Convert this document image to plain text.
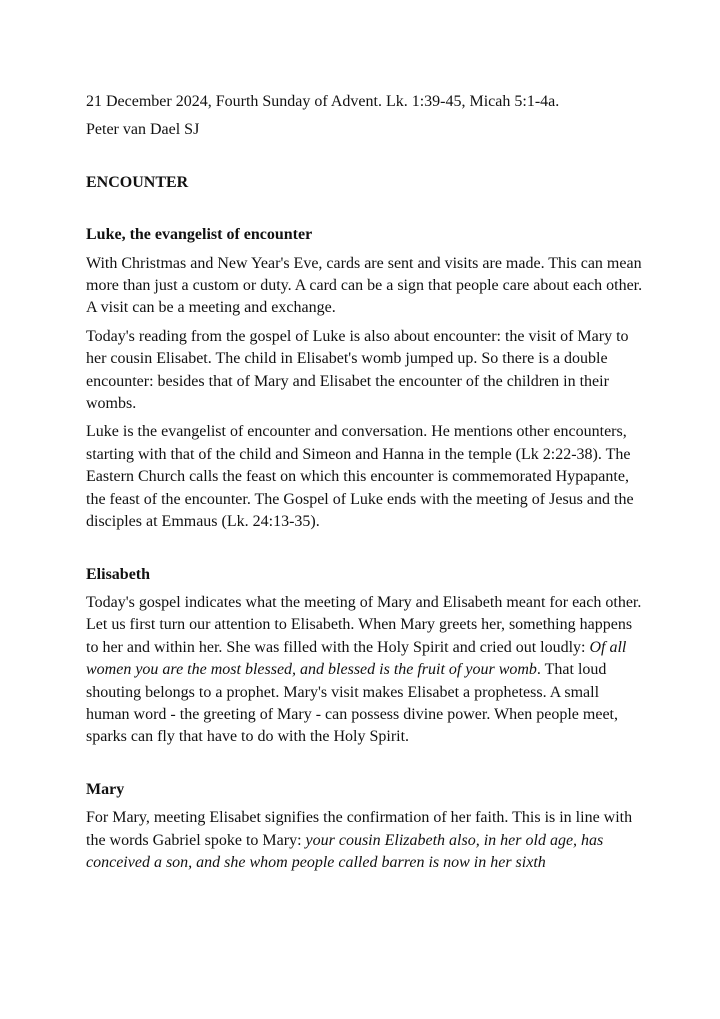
21 December 2024, Fourth Sunday of Advent. Lk. 1:39-45, Micah 5:1-4a.

Peter van Dael SJ

ENCOUNTER
Luke, the evangelist of encounter

With Christmas and New Year's Eve, cards are sent and visits are made. This can mean more than just a custom or duty. A card can be a sign that people care about each other. A visit can be a meeting and exchange.

Today's reading from the gospel of Luke is also about encounter: the visit of Mary to her cousin Elisabet. The child in Elisabet's womb jumped up. So there is a double encounter: besides that of Mary and Elisabet the encounter of the children in their wombs.

Luke is the evangelist of encounter and conversation. He mentions other encounters, starting with that of the child and Simeon and Hanna in the temple (Lk 2:22-38). The Eastern Church calls the feast on which this encounter is commemorated Hypapante, the feast of the encounter. The Gospel of Luke ends with the meeting of Jesus and the disciples at Emmaus (Lk. 24:13-35).

Elisabeth

Today's gospel indicates what the meeting of Mary and Elisabeth meant for each other. Let us first turn our attention to Elisabeth. When Mary greets her, something happens to her and within her. She was filled with the Holy Spirit and cried out loudly: Of all women you are the most blessed, and blessed is the fruit of your womb. That loud shouting belongs to a prophet. Mary's visit makes Elisabet a prophetess. A small human word - the greeting of Mary - can possess divine power. When people meet, sparks can fly that have to do with the Holy Spirit.

Mary

For Mary, meeting Elisabet signifies the confirmation of her faith. This is in line with the words Gabriel spoke to Mary: your cousin Elizabeth also, in her old age, has conceived a son, and she whom people called barren is now in her sixth
